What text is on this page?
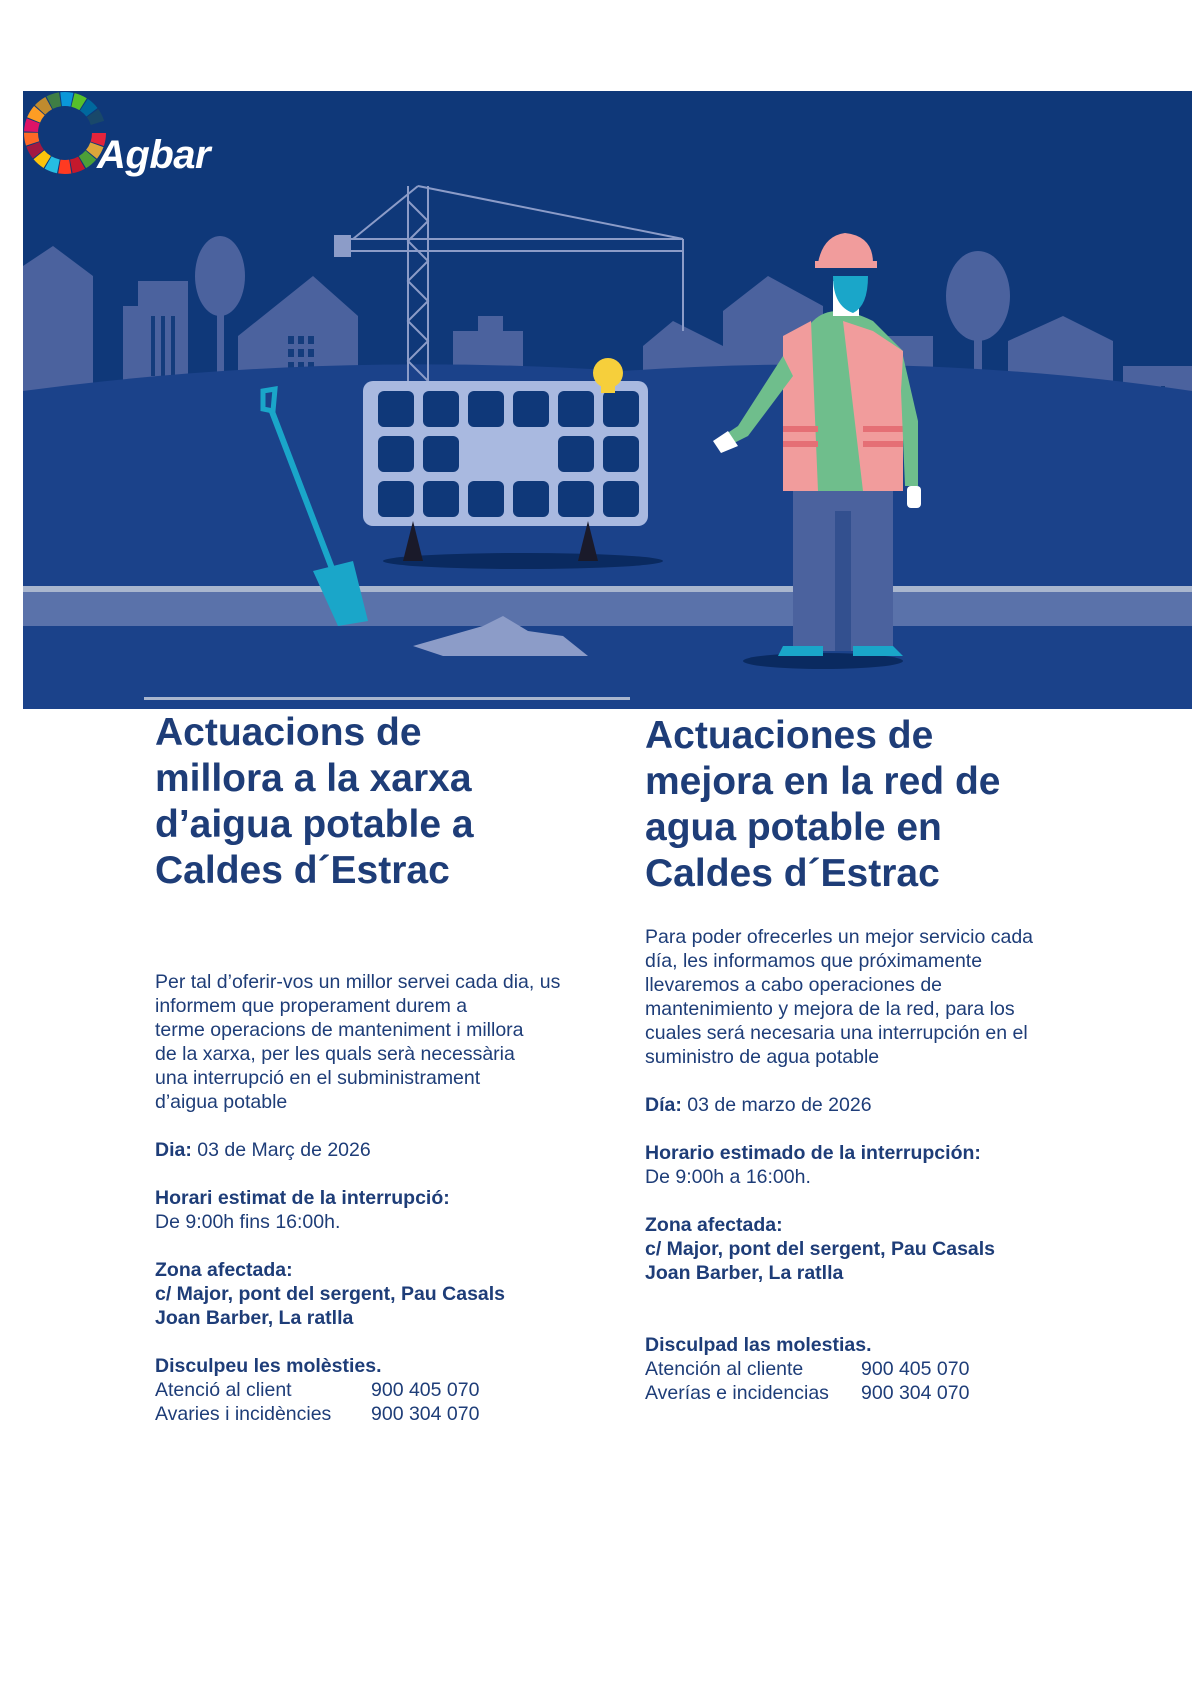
Agbar
Actuacions de
millora a la xarxa
d’aigua potable a
Caldes d´Estrac

Per tal d’oferir-vos un millor servei cada dia, us
informem que properament durem a
terme operacions de manteniment i millora
de la xarxa, per les quals serà necessària
una interrupció en el subministrament
d’aigua potable

Dia: 03 de Març de 2026

Horari estimat de la interrupció:

De 9:00h fins 16:00h.

Zona afectada:

c/ Major, pont del sergent, Pau Casals
Joan Barber, La ratlla

Disculpeu les molèsties.

Atenció al client	900 405 070
Avaries i incidències	900 304 070
Actuaciones de
mejora en la red de
agua potable en
Caldes d´Estrac

Para poder ofrecerles un mejor servicio cada
día, les informamos que próximamente
llevaremos a cabo operaciones de
mantenimiento y mejora de la red, para los
cuales será necesaria una interrupción en el
suministro de agua potable

Día: 03 de marzo de 2026

Horario estimado de la interrupción:

De 9:00h a 16:00h.

Zona afectada:

c/ Major, pont del sergent, Pau Casals
Joan Barber, La ratlla

Disculpad las molestias.

Atención al cliente	900 405 070
Averías e incidencias	900 304 070
